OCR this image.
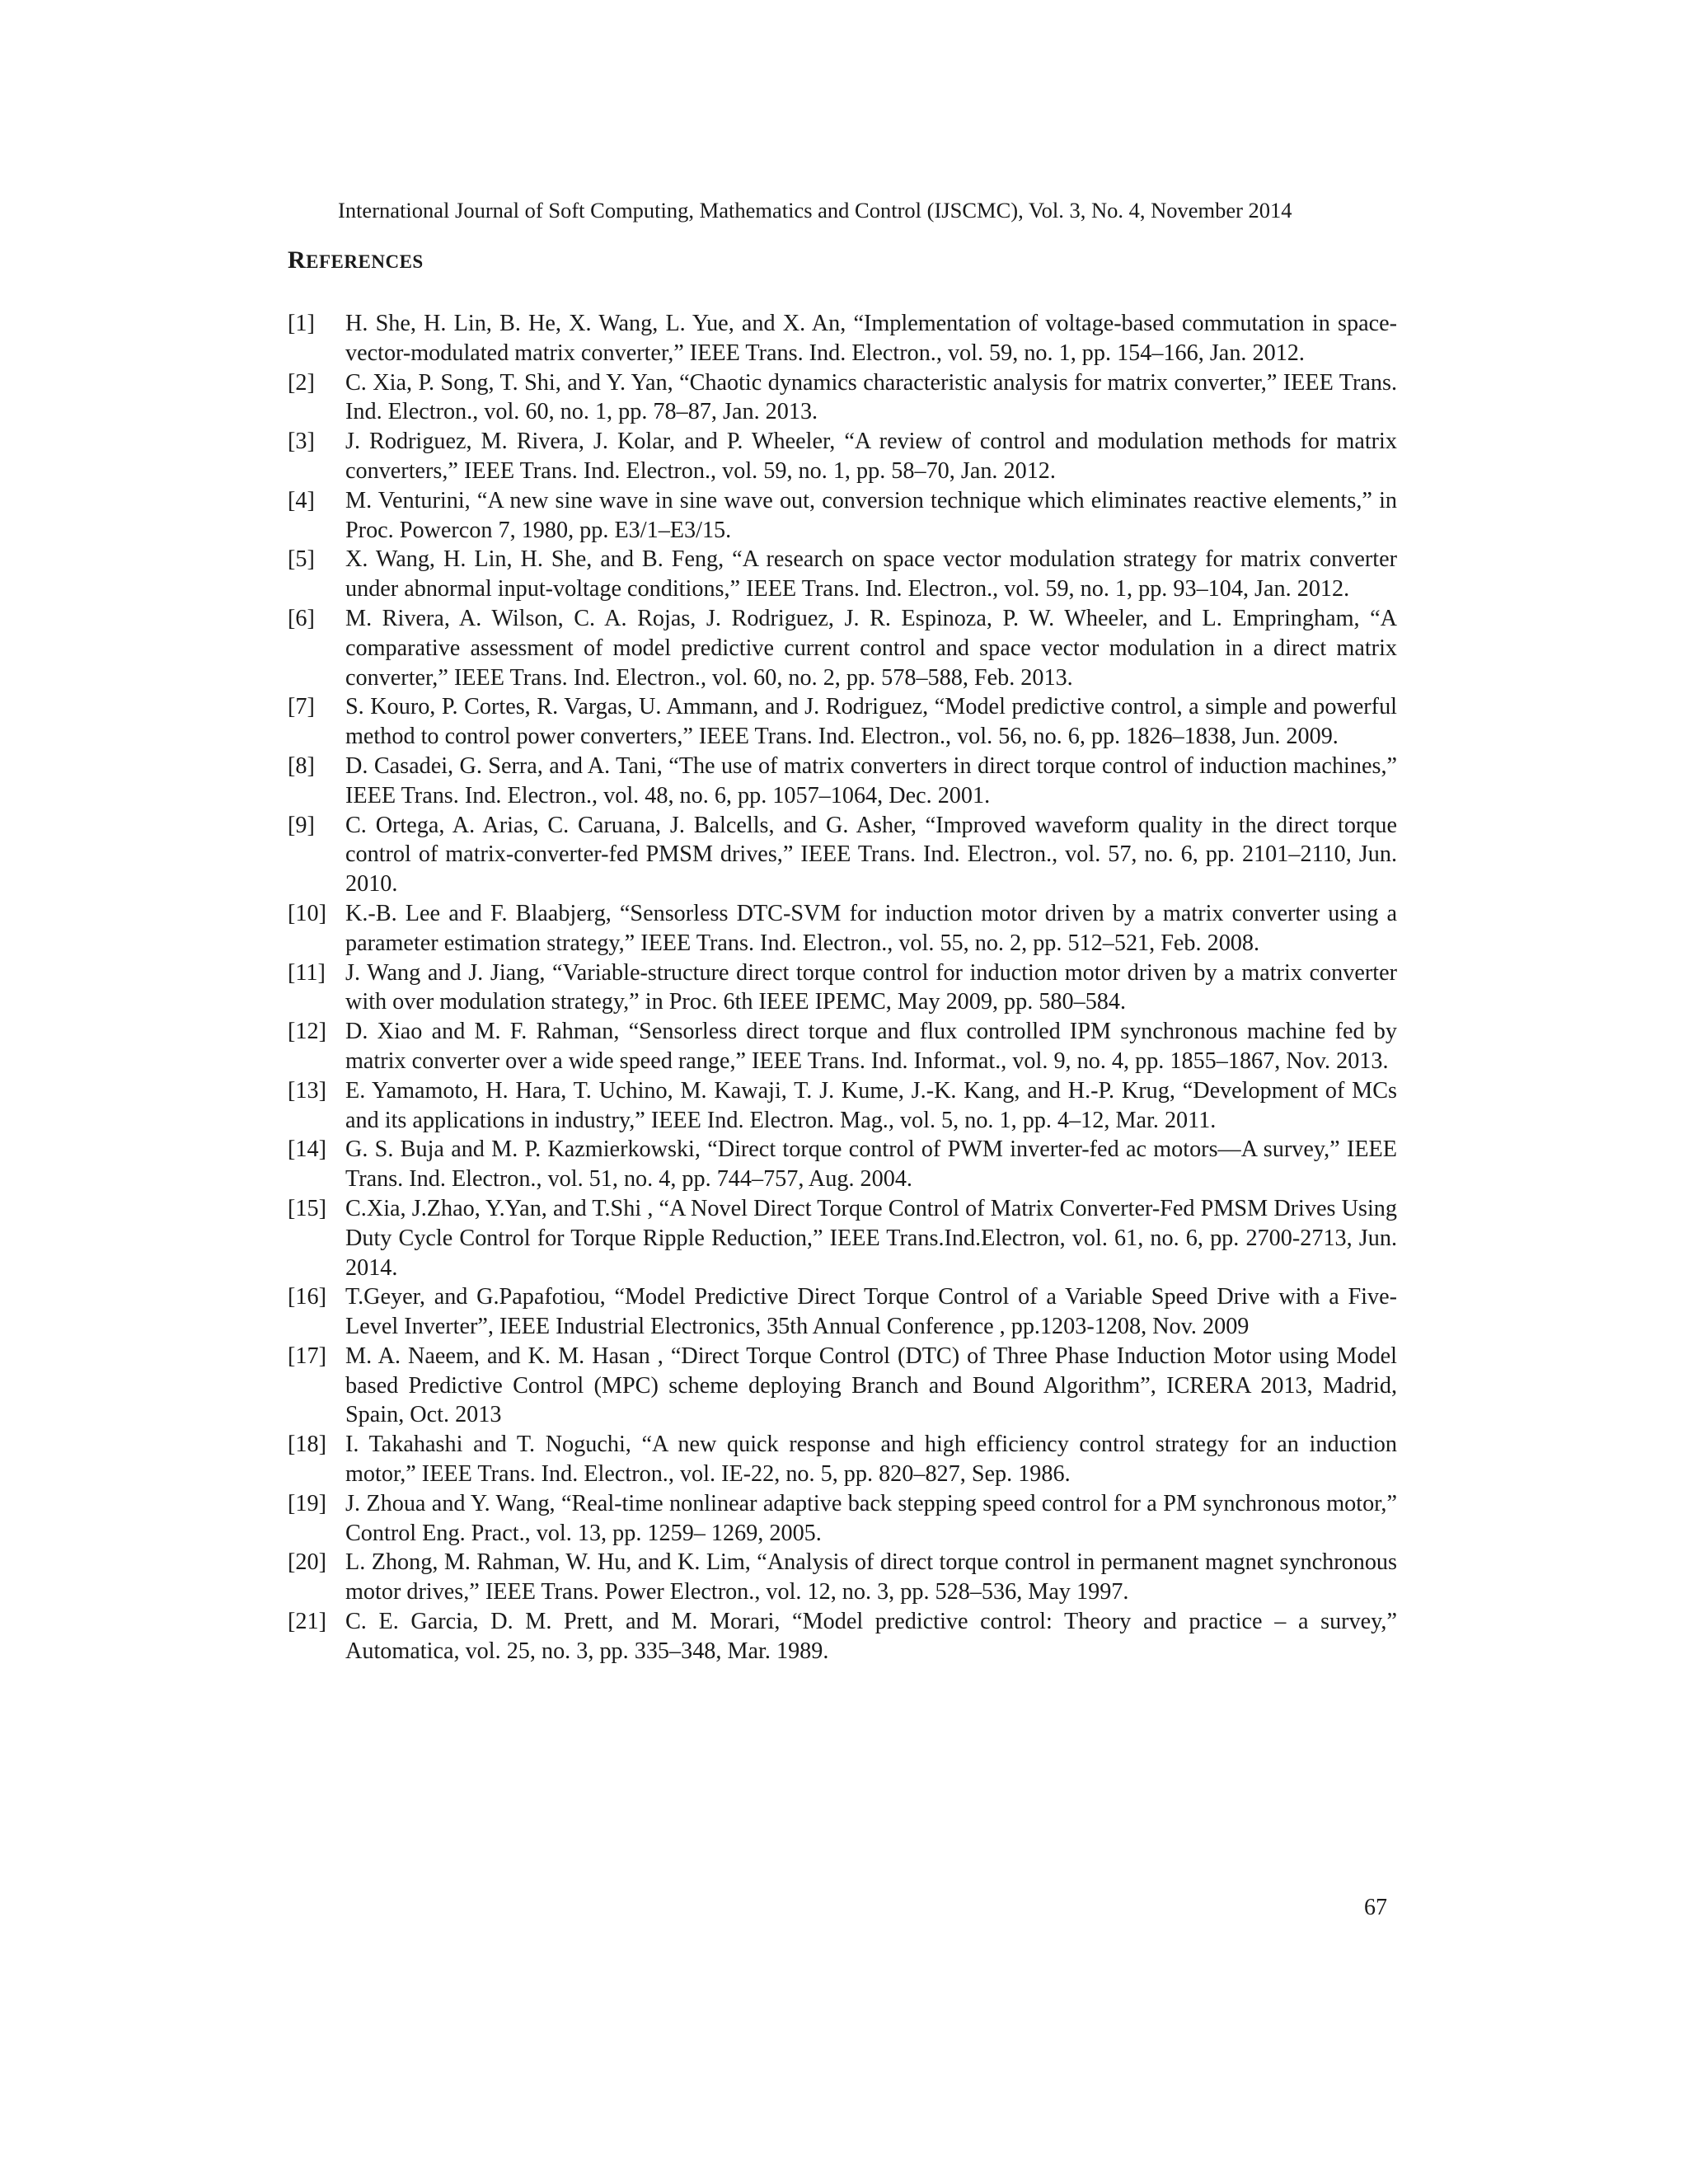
International Journal of Soft Computing, Mathematics and Control (IJSCMC), Vol. 3, No. 4, November 2014
REFERENCES
[1]	H. She, H. Lin, B. He, X. Wang, L. Yue, and X. An, “Implementation of voltage-based commutation in space-vector-modulated matrix converter,” IEEE Trans. Ind. Electron., vol. 59, no. 1, pp. 154–166, Jan. 2012.
[2]	C. Xia, P. Song, T. Shi, and Y. Yan, “Chaotic dynamics characteristic analysis for matrix converter,” IEEE Trans. Ind. Electron., vol. 60, no. 1, pp. 78–87, Jan. 2013.
[3]	J. Rodriguez, M. Rivera, J. Kolar, and P. Wheeler, “A review of control and modulation methods for matrix converters,” IEEE Trans. Ind. Electron., vol. 59, no. 1, pp. 58–70, Jan. 2012.
[4]	M. Venturini, “A new sine wave in sine wave out, conversion technique which eliminates reactive elements,” in Proc. Powercon 7, 1980, pp. E3/1–E3/15.
[5]	X. Wang, H. Lin, H. She, and B. Feng, “A research on space vector modulation strategy for matrix converter under abnormal input-voltage conditions,” IEEE Trans. Ind. Electron., vol. 59, no. 1, pp. 93–104, Jan. 2012.
[6]	M. Rivera, A. Wilson, C. A. Rojas, J. Rodriguez, J. R. Espinoza, P. W. Wheeler, and L. Empringham, “A comparative assessment of model predictive current control and space vector modulation in a direct matrix converter,” IEEE Trans. Ind. Electron., vol. 60, no. 2, pp. 578–588, Feb. 2013.
[7]	S. Kouro, P. Cortes, R. Vargas, U. Ammann, and J. Rodriguez, “Model predictive control, a simple and powerful method to control power converters,” IEEE Trans. Ind. Electron., vol. 56, no. 6, pp. 1826–1838, Jun. 2009.
[8]	D. Casadei, G. Serra, and A. Tani, “The use of matrix converters in direct torque control of induction machines,” IEEE Trans. Ind. Electron., vol. 48, no. 6, pp. 1057–1064, Dec. 2001.
[9]	C. Ortega, A. Arias, C. Caruana, J. Balcells, and G. Asher, “Improved waveform quality in the direct torque control of matrix-converter-fed PMSM drives,” IEEE Trans. Ind. Electron., vol. 57, no. 6, pp. 2101–2110, Jun. 2010.
[10] K.-B. Lee and F. Blaabjerg, “Sensorless DTC-SVM for induction motor driven by a matrix converter using a parameter estimation strategy,” IEEE Trans. Ind. Electron., vol. 55, no. 2, pp. 512–521, Feb. 2008.
[11] J. Wang and J. Jiang, “Variable-structure direct torque control for induction motor driven by a matrix converter with over modulation strategy,” in Proc. 6th IEEE IPEMC, May 2009, pp. 580–584.
[12] D. Xiao and M. F. Rahman, “Sensorless direct torque and flux controlled IPM synchronous machine fed by matrix converter over a wide speed range,” IEEE Trans. Ind. Informat., vol. 9, no. 4, pp. 1855–1867, Nov. 2013.
[13] E. Yamamoto, H. Hara, T. Uchino, M. Kawaji, T. J. Kume, J.-K. Kang, and H.-P. Krug, “Development of MCs and its applications in industry,” IEEE Ind. Electron. Mag., vol. 5, no. 1, pp. 4–12, Mar. 2011.
[14] G. S. Buja and M. P. Kazmierkowski, “Direct torque control of PWM inverter-fed ac motors—A survey,” IEEE Trans. Ind. Electron., vol. 51, no. 4, pp. 744–757, Aug. 2004.
[15] C.Xia, J.Zhao, Y.Yan, and T.Shi , “A Novel Direct Torque Control of Matrix Converter-Fed PMSM Drives Using Duty Cycle Control for Torque Ripple Reduction,” IEEE Trans.Ind.Electron, vol. 61, no. 6, pp. 2700-2713, Jun. 2014.
[16] T.Geyer, and G.Papafotiou, “Model Predictive Direct Torque Control of a Variable Speed Drive with a Five-Level Inverter”, IEEE Industrial Electronics, 35th Annual Conference , pp.1203-1208, Nov. 2009
[17] M. A. Naeem, and K. M. Hasan , “Direct Torque Control (DTC) of Three Phase Induction Motor using Model based Predictive Control (MPC) scheme deploying Branch and Bound Algorithm”, ICRERA 2013, Madrid, Spain, Oct. 2013
[18] I. Takahashi and T. Noguchi, “A new quick response and high efficiency control strategy for an induction motor,” IEEE Trans. Ind. Electron., vol. IE-22, no. 5, pp. 820–827, Sep. 1986.
[19] J. Zhoua and Y. Wang, “Real-time nonlinear adaptive back stepping speed control for a PM synchronous motor,” Control Eng. Pract., vol. 13, pp. 1259– 1269, 2005.
[20] L. Zhong, M. Rahman, W. Hu, and K. Lim, “Analysis of direct torque control in permanent magnet synchronous motor drives,” IEEE Trans. Power Electron., vol. 12, no. 3, pp. 528–536, May 1997.
[21] C. E. Garcia, D. M. Prett, and M. Morari, “Model predictive control: Theory and practice – a survey,” Automatica, vol. 25, no. 3, pp. 335–348, Mar. 1989.
67
